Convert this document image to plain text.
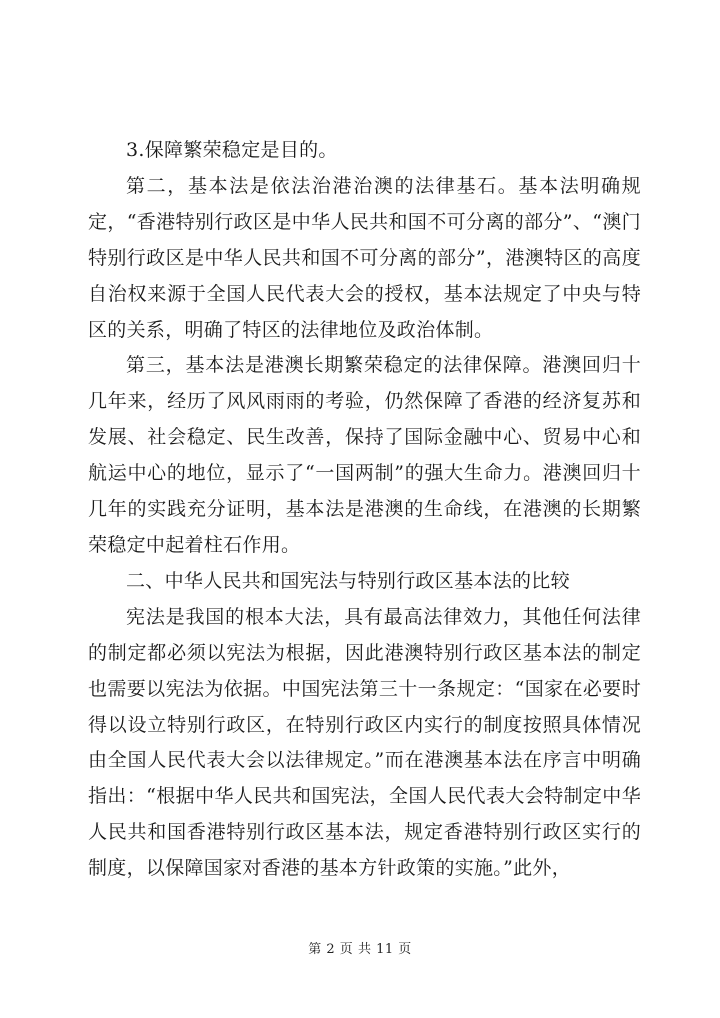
3.保障繁荣稳定是目的。

第二，基本法是依法治港治澳的法律基石。基本法明确规定，“香港特别行政区是中华人民共和国不可分离的部分”、“澳门特别行政区是中华人民共和国不可分离的部分”，港澳特区的高度自治权来源于全国人民代表大会的授权，基本法规定了中央与特区的关系，明确了特区的法律地位及政治体制。

第三，基本法是港澳长期繁荣稳定的法律保障。港澳回归十几年来，经历了风风雨雨的考验，仍然保障了香港的经济复苏和发展、社会稳定、民生改善，保持了国际金融中心、贸易中心和航运中心的地位，显示了“一国两制”的强大生命力。港澳回归十几年的实践充分证明，基本法是港澳的生命线，在港澳的长期繁荣稳定中起着柱石作用。

二、中华人民共和国宪法与特别行政区基本法的比较

宪法是我国的根本大法，具有最高法律效力，其他任何法律的制定都必须以宪法为根据，因此港澳特别行政区基本法的制定也需要以宪法为依据。中国宪法第三十一条规定：“国家在必要时得以设立特别行政区，在特别行政区内实行的制度按照具体情况由全国人民代表大会以法律规定。”而在港澳基本法在序言中明确指出：“根据中华人民共和国宪法，全国人民代表大会特制定中华人民共和国香港特别行政区基本法，规定香港特别行政区实行的制度，以保障国家对香港的基本方针政策的实施。”此外，

第 2 页 共 11 页
